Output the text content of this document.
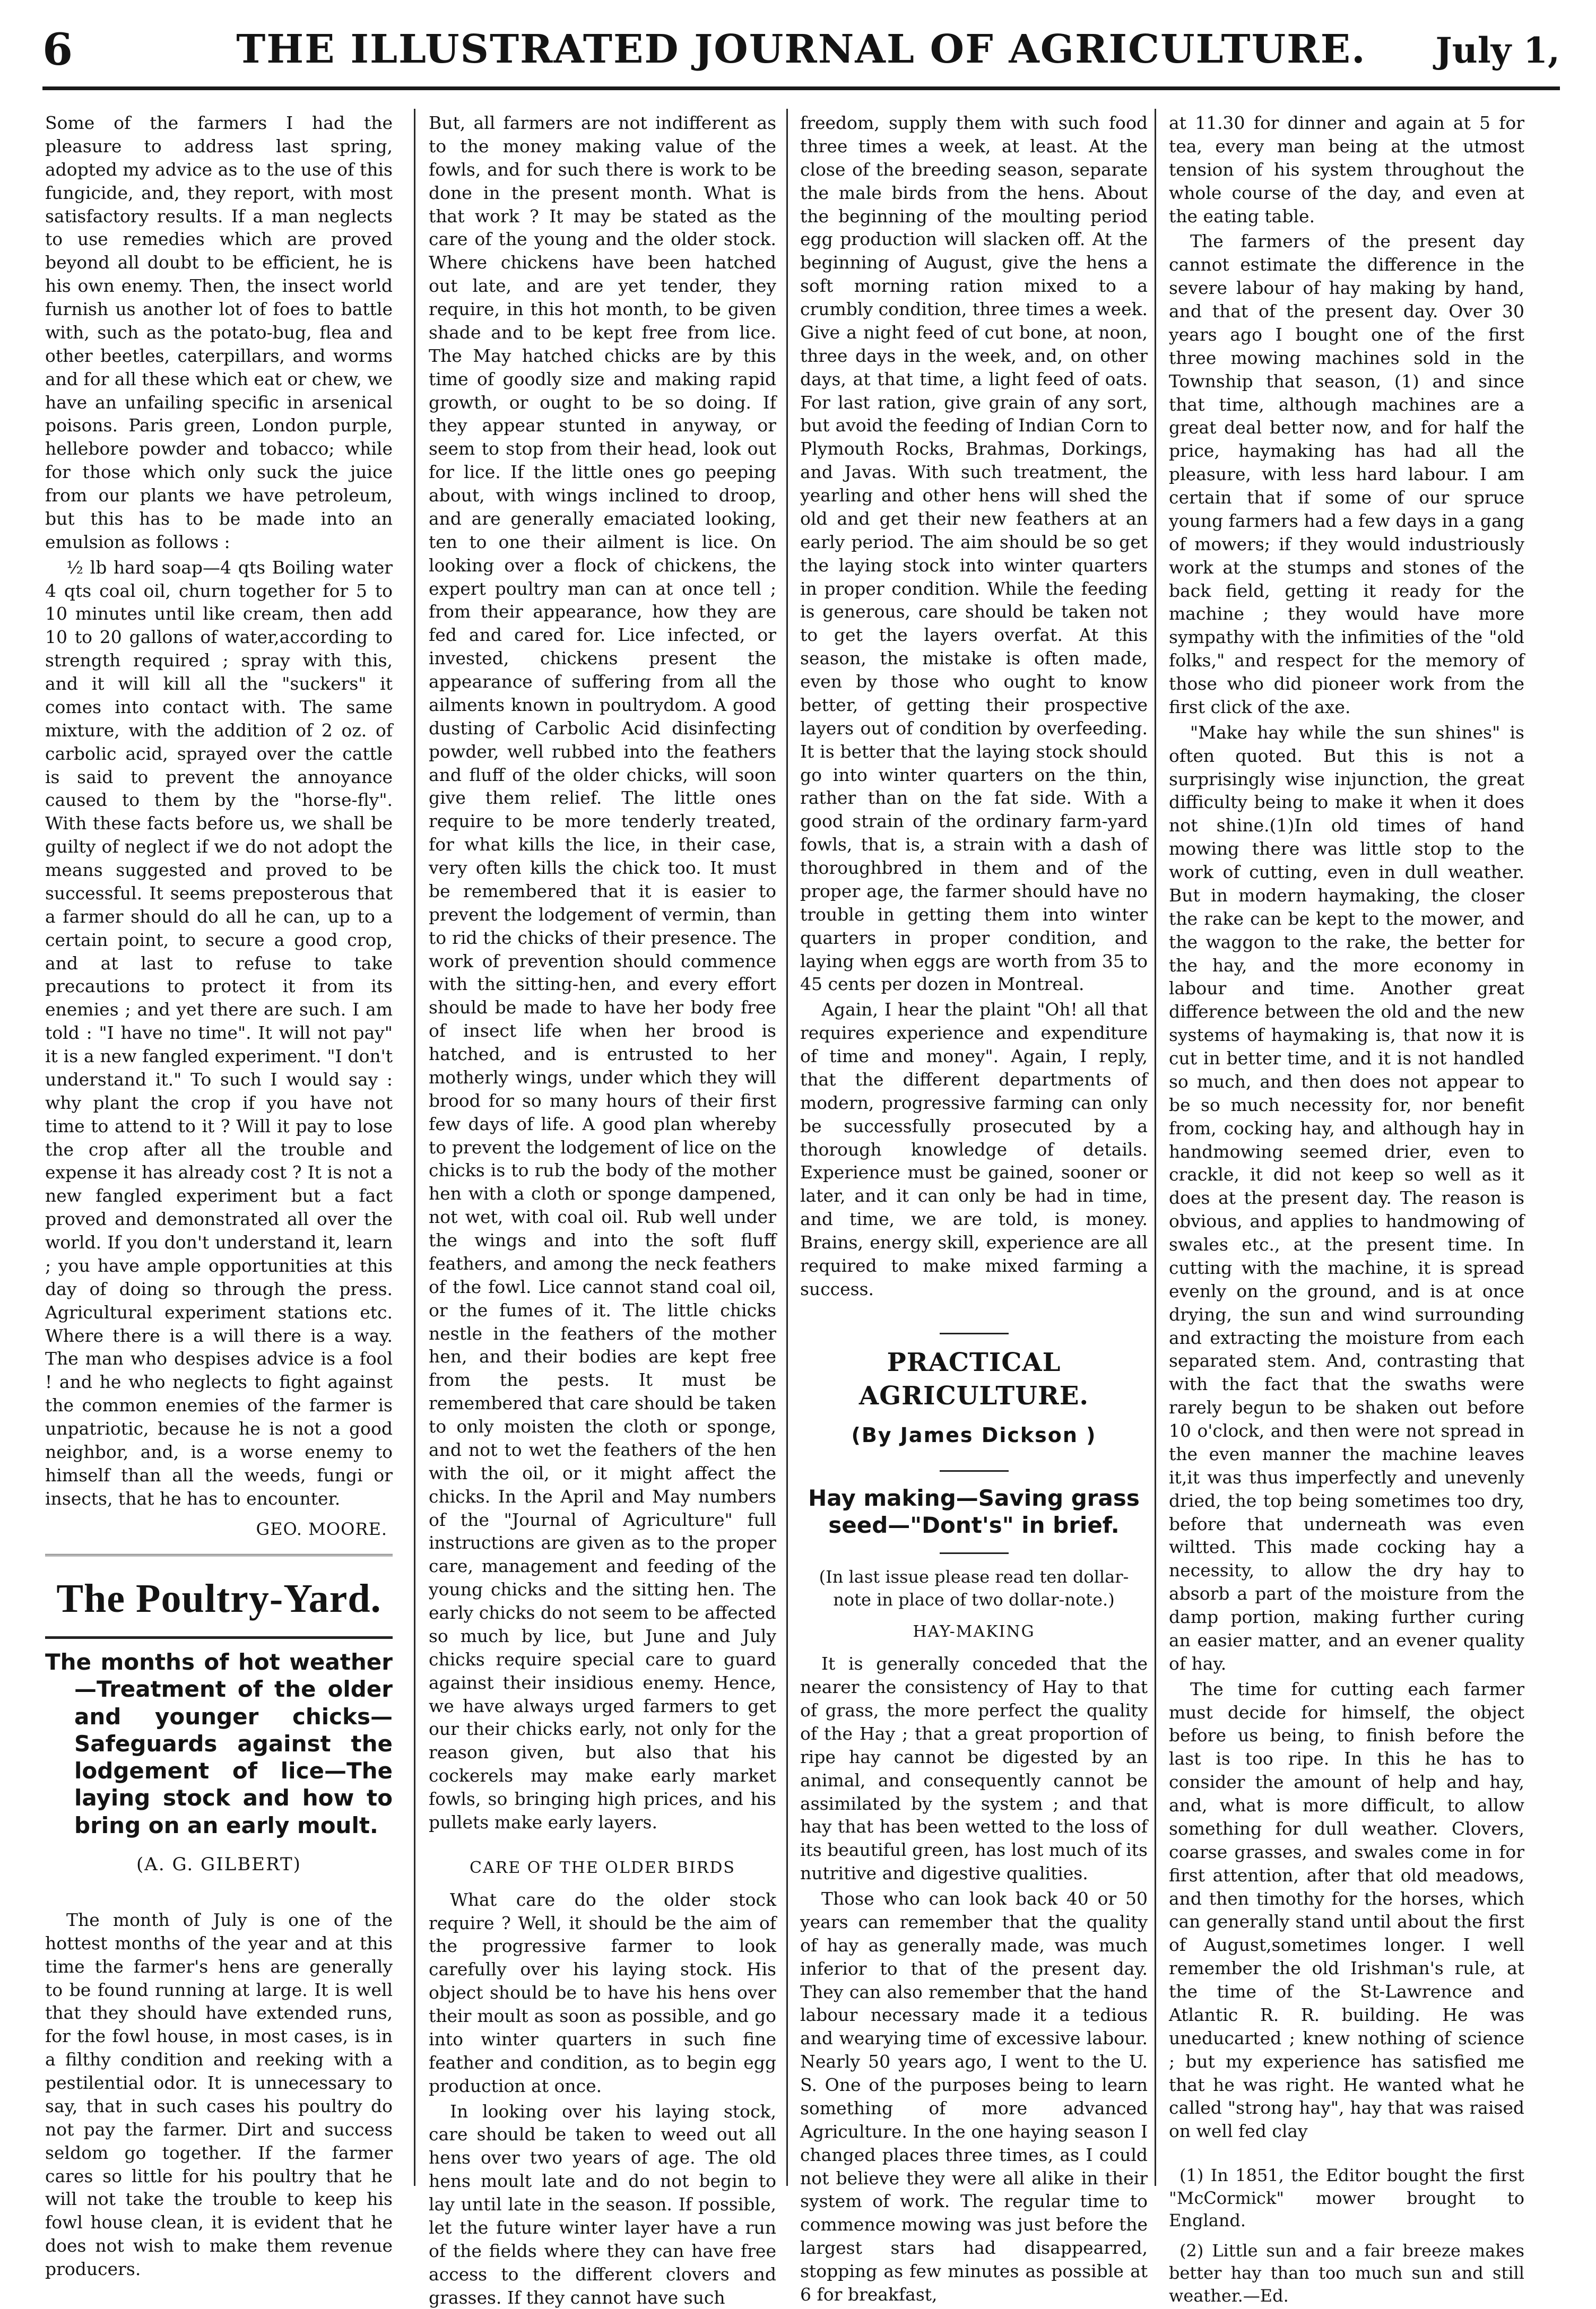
6	THE ILLUSTRATED JOURNAL OF AGRICULTURE.	July 1,

Some of the farmers I had the pleasure to address last spring, adopted my advice as to the use of this fungicide, and, they report, with most satisfactory results. If a man neglects to use remedies which are proved beyond all doubt to be efficient, he is his own enemy. Then, the insect world furnish us another lot of foes to battle with, such as the potato-bug, flea and other beetles, caterpillars, and worms and for all these which eat or chew, we have an unfailing specific in arsenical poisons. Paris green, London purple, hellebore powder and tobacco; while for those which only suck the juice from our plants we have petroleum, but this has to be made into an emulsion as follows :

½ lb hard soap—4 qts Boiling water 4 qts coal oil, churn together for 5 to 10 minutes until like cream, then add 10 to 20 gallons of water,according to strength required ; spray with this, and it will kill all the "suckers" it comes into contact with. The same mixture, with the addition of 2 oz. of carbolic acid, sprayed over the cattle is said to prevent the annoyance caused to them by the "horse-fly". With these facts before us, we shall be guilty of neglect if we do not adopt the means suggested and proved to be successful. It seems preposterous that a farmer should do all he can, up to a certain point, to secure a good crop, and at last to refuse to take precautions to protect it from its enemies ; and yet there are such. I am told : "I have no time". It will not pay" it is a new fangled experiment. "I don't understand it." To such I would say : why plant the crop if you have not time to attend to it ? Will it pay to lose the crop after all the trouble and expense it has already cost ? It is not a new fangled experiment but a fact proved and demonstrated all over the world. If you don't understand it, learn ; you have ample opportunities at this day of doing so through the press. Agricultural experiment stations etc. Where there is a will there is a way. The man who despises advice is a fool ! and he who neglects to fight against the common enemies of the farmer is unpatriotic, because he is not a good neighbor, and, is a worse enemy to himself than all the weeds, fungi or insects, that he has to encounter.

GEO. MOORE.
The Poultry-Yard.
The months of hot weather—Treatment of the older and younger chicks—Safeguards against the lodgement of lice—The laying stock and how to bring on an early moult.
(A. G. GILBERT)

The month of July is one of the hottest months of the year and at this time the farmer's hens are generally to be found running at large. It is well that they should have extended runs, for the fowl house, in most cases, is in a filthy condition and reeking with a pestilential odor. It is unnecessary to say, that in such cases his poultry do not pay the farmer. Dirt and success seldom go together. If the farmer cares so little for his poultry that he will not take the trouble to keep his fowl house clean, it is evident that he does not wish to make them revenue producers.

But, all farmers are not indifferent as to the money making value of the fowls, and for such there is work to be done in the present month. What is that work ? It may be stated as the care of the young and the older stock. Where chickens have been hatched out late, and are yet tender, they require, in this hot month, to be given shade and to be kept free from lice. The May hatched chicks are by this time of goodly size and making rapid growth, or ought to be so doing. If they appear stunted in anyway, or seem to stop from their head, look out for lice. If the little ones go peeping about, with wings inclined to droop, and are generally emaciated looking, ten to one their ailment is lice. On looking over a flock of chickens, the expert poultry man can at once tell ; from their appearance, how they are fed and cared for. Lice infected, or invested, chickens present the appearance of suffering from all the ailments known in poultrydom. A good dusting of Carbolic Acid disinfecting powder, well rubbed into the feathers and fluff of the older chicks, will soon give them relief. The little ones require to be more tenderly treated, for what kills the lice, in their case, very often kills the chick too. It must be remembered that it is easier to prevent the lodgement of vermin, than to rid the chicks of their presence. The work of prevention should commence with the sitting-hen, and every effort should be made to have her body free of insect life when her brood is hatched, and is entrusted to her motherly wings, under which they will brood for so many hours of their first few days of life. A good plan whereby to prevent the lodgement of lice on the chicks is to rub the body of the mother hen with a cloth or sponge dampened, not wet, with coal oil. Rub well under the wings and into the soft fluff feathers, and among the neck feathers of the fowl. Lice cannot stand coal oil, or the fumes of it. The little chicks nestle in the feathers of the mother hen, and their bodies are kept free from the pests. It must be remembered that care should be taken to only moisten the cloth or sponge, and not to wet the feathers of the hen with the oil, or it might affect the chicks. In the April and May numbers of the "Journal of Agriculture" full instructions are given as to the proper care, management and feeding of the young chicks and the sitting hen. The early chicks do not seem to be affected so much by lice, but June and July chicks require special care to guard against their insidious enemy. Hence, we have always urged farmers to get our their chicks early, not only for the reason given, but also that his cockerels may make early market fowls, so bringing high prices, and his pullets make early layers.

CARE OF THE OLDER BIRDS

What care do the older stock require ? Well, it should be the aim of the progressive farmer to look carefully over his laying stock. His object should be to have his hens over their moult as soon as possible, and go into winter quarters in such fine feather and condition, as to begin egg production at once.

In looking over his laying stock, care should be taken to weed out all hens over two years of age. The old hens moult late and do not begin to lay until late in the season. If possible, let the future winter layer have a run of the fields where they can have free access to the different clovers and grasses. If they cannot have such

freedom, supply them with such food three times a week, at least. At the close of the breeding season, separate the male birds from the hens. About the beginning of the moulting period egg production will slacken off. At the beginning of August, give the hens a soft morning ration mixed to a crumbly condition, three times a week. Give a night feed of cut bone, at noon, three days in the week, and, on other days, at that time, a light feed of oats. For last ration, give grain of any sort, but avoid the feeding of Indian Corn to Plymouth Rocks, Brahmas, Dorkings, and Javas. With such treatment, the yearling and other hens will shed the old and get their new feathers at an early period. The aim should be so get the laying stock into winter quarters in proper condition. While the feeding is generous, care should be taken not to get the layers overfat. At this season, the mistake is often made, even by those who ought to know better, of getting their prospective layers out of condition by overfeeding. It is better that the laying stock should go into winter quarters on the thin, rather than on the fat side. With a good strain of the ordinary farm-yard fowls, that is, a strain with a dash of thoroughbred in them and of the proper age, the farmer should have no trouble in getting them into winter quarters in proper condition, and laying when eggs are worth from 35 to 45 cents per dozen in Montreal.

Again, I hear the plaint "Oh! all that requires experience and expenditure of time and money". Again, I reply, that the different departments of modern, progressive farming can only be successfully prosecuted by a thorough knowledge of details. Experience must be gained, sooner or later, and it can only be had in time, and time, we are told, is money. Brains, energy skill, experience are all required to make mixed farming a success.

PRACTICAL AGRICULTURE.
(By James Dickson )
Hay making—Saving grass seed—"Dont's" in brief.
(In last issue please read ten dollar-note in place of two dollar-note.)
HAY-MAKING

It is generally conceded that the nearer the consistency of Hay to that of grass, the more perfect the quality of the Hay ; that a great proportion of ripe hay cannot be digested by an animal, and consequently cannot be assimilated by the system ; and that hay that has been wetted to the loss of its beautiful green, has lost much of its nutritive and digestive qualities.

Those who can look back 40 or 50 years can remember that the quality of hay as generally made, was much inferior to that of the present day. They can also remember that the hand labour necessary made it a tedious and wearying time of excessive labour. Nearly 50 years ago, I went to the U. S. One of the purposes being to learn something of more advanced Agriculture. In the one haying season I changed places three times, as I could not believe they were all alike in their system of work. The regular time to commence mowing was just before the largest stars had disappearred, stopping as few minutes as possible at 6 for breakfast,

at 11.30 for dinner and again at 5 for tea, every man being at the utmost tension of his system throughout the whole course of the day, and even at the eating table.

The farmers of the present day cannot estimate the difference in the severe labour of hay making by hand, and that of the present day. Over 30 years ago I bought one of the first three mowing machines sold in the Township that season, (1) and since that time, although machines are a great deal better now, and for half the price, haymaking has had all the pleasure, with less hard labour. I am certain that if some of our spruce young farmers had a few days in a gang of mowers; if they would industriously work at the stumps and stones of the back field, getting it ready for the machine ; they would have more sympathy with the infimities of the "old folks," and respect for the memory of those who did pioneer work from the first click of the axe.

"Make hay while the sun shines" is often quoted. But this is not a surprisingly wise injunction, the great difficulty being to make it when it does not shine.(1)In old times of hand mowing there was little stop to the work of cutting, even in dull weather. But in modern haymaking, the closer the rake can be kept to the mower, and the waggon to the rake, the better for the hay, and the more economy in labour and time. Another great difference between the old and the new systems of haymaking is, that now it is cut in better time, and it is not handled so much, and then does not appear to be so much necessity for, nor benefit from, cocking hay, and although hay in handmowing seemed drier, even to crackle, it did not keep so well as it does at the present day. The reason is obvious, and applies to handmowing of swales etc., at the present time. In cutting with the machine, it is spread evenly on the ground, and is at once drying, the sun and wind surrounding and extracting the moisture from each separated stem. And, contrasting that with the fact that the swaths were rarely begun to be shaken out before 10 o'clock, and then were not spread in the even manner the machine leaves it,it was thus imperfectly and unevenly dried, the top being sometimes too dry, before that underneath was even wiltted. This made cocking hay a necessity, to allow the dry hay to absorb a part of the moisture from the damp portion, making further curing an easier matter, and an evener quality of hay.

The time for cutting each farmer must decide for himself, the object before us being, to finish before the last is too ripe. In this he has to consider the amount of help and hay, and, what is more difficult, to allow something for dull weather. Clovers, coarse grasses, and swales come in for first attention, after that old meadows, and then timothy for the horses, which can generally stand until about the first of August,sometimes longer. I well remember the old Irishman's rule, at the time of the St-Lawrence and Atlantic R. R. building. He was uneducarted ; knew nothing of science ; but my experience has satisfied me that he was right. He wanted what he called "strong hay", hay that was raised on well fed clay

(1) In 1851, the Editor bought the first "McCormick" mower brought to England.

(2) Little sun and a fair breeze makes better hay than too much sun and still weather.—Ed.
